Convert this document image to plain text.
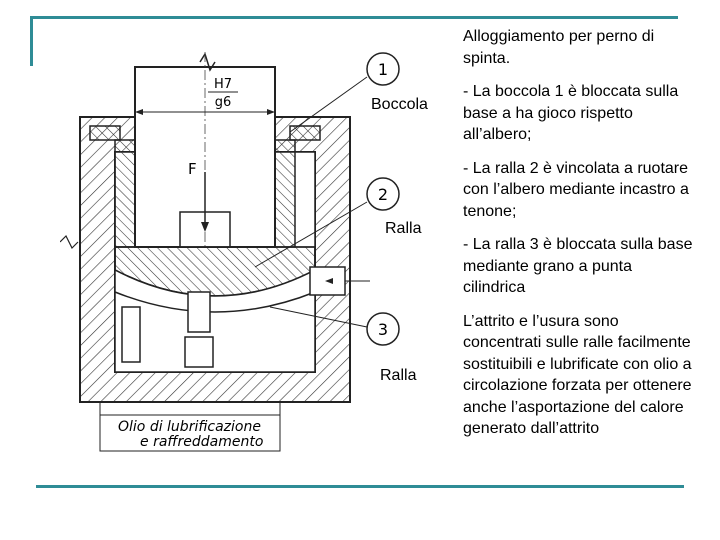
H7
g6
F
1
2
3
Olio di lubrificazione
e raffreddamento
Boccola
Ralla
Ralla

Alloggiamento per perno di spinta.

- La boccola 1 è bloccata sulla base a ha gioco rispetto all’albero;

- La ralla 2 è vincolata a ruotare con l’albero mediante incastro a tenone;

- La ralla 3 è bloccata sulla base mediante grano a punta cilindrica

L’attrito e l’usura sono concentrati sulle ralle facilmente sostituibili e lubrificate con olio a circolazione forzata per ottenere anche l’asportazione del calore generato dall’attrito
